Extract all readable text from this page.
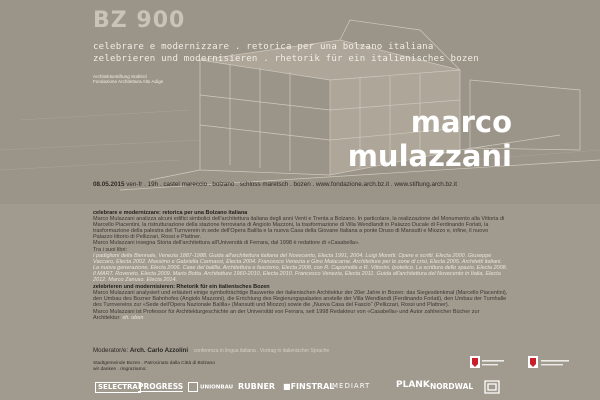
BZ 900
celebrare e modernizzare . retorica per una bolzano italiana
zelebrieren und modernisieren . rhetorik für ein italienisches bozen
Architekturstiftung Südtirol
Fondazione Architettura Alto Adige
marco
mulazzani
08.05.2015 ven-fr . 19h . castel mareccio . bolzano . schloss maretsch . bozen . www.fondazione.arch.bz.it . www.stiftung.arch.bz.it
celebrare e modernizzare: retorica per una Bolzano italiana
Marco Mulazzani analizza alcuni edifici simbolici dell'architettura italiana degli anni Venti e Trenta a Bolzano. In particolare, la realizzazione del Monumento alla Vittoria di Marcello Piacentini, la ristrutturazione della stazione ferroviaria di Angiolo Mazzoni, la trasformazione di Villa Wendlandt in Palazzo Ducale di Ferdinando Forlati, la trasformazione della palestra del Turnverein in sede dell'Opera Balilla e la nuova Casa della Giovane Italiana a ponte Druso di Mansutti e Miozzo e, infine, il nuovo Palazzo littorio di Pellizzari, Rossi e Plattner.
Marco Mulazzani insegna Storia dell'architettura all'Università di Ferrara, dal 1998 è redattore di «Casabella».
Tra i suoi libri:
I padiglioni della Biennale, Venezia 1887-1988. Guida all'architettura italiana del Novecento, Electa 1991, 2004. Luigi Moretti. Opere e scritti, Electa 2000. Giuseppe Vaccaro, Electa 2002. Massimo e Gabriella Carmassi, Electa 2004. Francesco Venezia e Gino Malacarne. Architetture per le zone di crisi, Electa 2005. Architetti italiani. La nuova generazione, Electa 2006. Case del balilla. Architettura e fascismo, Electa 2008, con R. Capomolla e R. Vittorini. Ipotetico. La scrittura dello spazio, Electa 2008. Il MART. Rovereto, Electa 2009. Mario Botta. Architetture 1960-2010, Electa 2010. Francesco Venezia, Electa 2011. Guida all'architettura del Novecento in Italia, Electa 2012. Marco Zanuso. Electa 2014.
zelebrieren und modernisieren: Rhetorik für ein italienisches Bozen
Marco Mulazzani analysiert und erläutert einige symbolträchtige Bauwerke der italienischen Architektur der 20er Jahre in Bozen: das Siegesdenkmal (Marcello Piacentini), den Umbau des Bozner Bahnhofes (Angiolo Mazzoni), die Errichtung des Regierungspalastes anstelle der Villa Wendlandt (Ferdinando Forlati), den Umbau der Turnhalle des Turnvereins zur «Sede dell'Opera Nazionale Balilla» (Mansutti und Miozzo) sowie die „Nuova Casa del Fascio“ (Pellizzari, Rossi und Plattner).
Marco Mulazzani ist Professor für Architekturgeschichte an der Universität von Ferrara, seit 1998 Redakteur von «Casabella» und Autor zahlreicher Bücher zur Architektur: sh. oben
Moderator/e: Arch. Carlo Azzolini conferenza in lingua italiana . Vortrag in italienischer Sprache
Stadtgemeinde Bozen . Patrocinato dalla Città di Bolzano
wir danken . ringraziamo:
SELECTRA PROGRESS	UNIONBAU RUBNER ■FINSTRAL
MEDIART	PLANK NORDWAL
